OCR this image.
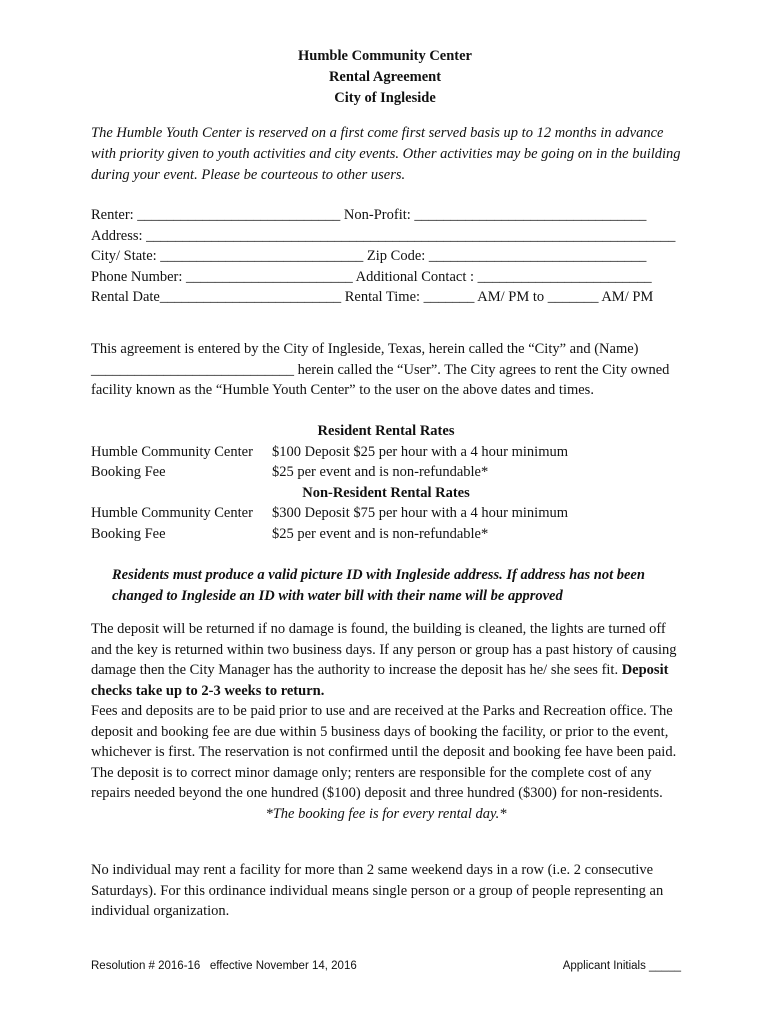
Humble Community Center
Rental Agreement
City of Ingleside
The Humble Youth Center is reserved on a first come first served basis up to 12 months in advance with priority given to youth activities and city events. Other activities may be going on in the building during your event. Please be courteous to other users.
Renter: ____________________________ Non-Profit: ________________________________
Address: _________________________________________________________________________
City/ State: ____________________________ Zip Code: ______________________________
Phone Number: _______________________ Additional Contact : ________________________
Rental Date_________________________ Rental Time: _______ AM/ PM to _______ AM/ PM
This agreement is entered by the City of Ingleside, Texas, herein called the “City” and (Name) ____________________________ herein called the “User”. The City agrees to rent the City owned facility known as the “Humble Youth Center” to the user on the above dates and times.
Resident Rental Rates
Humble Community Center	$100 Deposit $25 per hour with a 4 hour minimum
Booking Fee	$25 per event and is non-refundable*
Non-Resident Rental Rates
Humble Community Center	$300 Deposit $75 per hour with a 4 hour minimum
Booking Fee	$25 per event and is non-refundable*
Residents must produce a valid picture ID with Ingleside address. If address has not been changed to Ingleside an ID with water bill with their name will be approved
The deposit will be returned if no damage is found, the building is cleaned, the lights are turned off and the key is returned within two business days. If any person or group has a past history of causing damage then the City Manager has the authority to increase the deposit has he/ she sees fit. Deposit checks take up to 2-3 weeks to return.
Fees and deposits are to be paid prior to use and are received at the Parks and Recreation office. The deposit and booking fee are due within 5 business days of booking the facility, or prior to the event, whichever is first. The reservation is not confirmed until the deposit and booking fee have been paid. The deposit is to correct minor damage only; renters are responsible for the complete cost of any repairs needed beyond the one hundred ($100) deposit and three hundred ($300) for non-residents.
*The booking fee is for every rental day.*
No individual may rent a facility for more than 2 same weekend days in a row (i.e. 2 consecutive Saturdays). For this ordinance individual means single person or a group of people representing an individual organization.
Resolution # 2016-16   effective November 14, 2016	Applicant Initials _____
